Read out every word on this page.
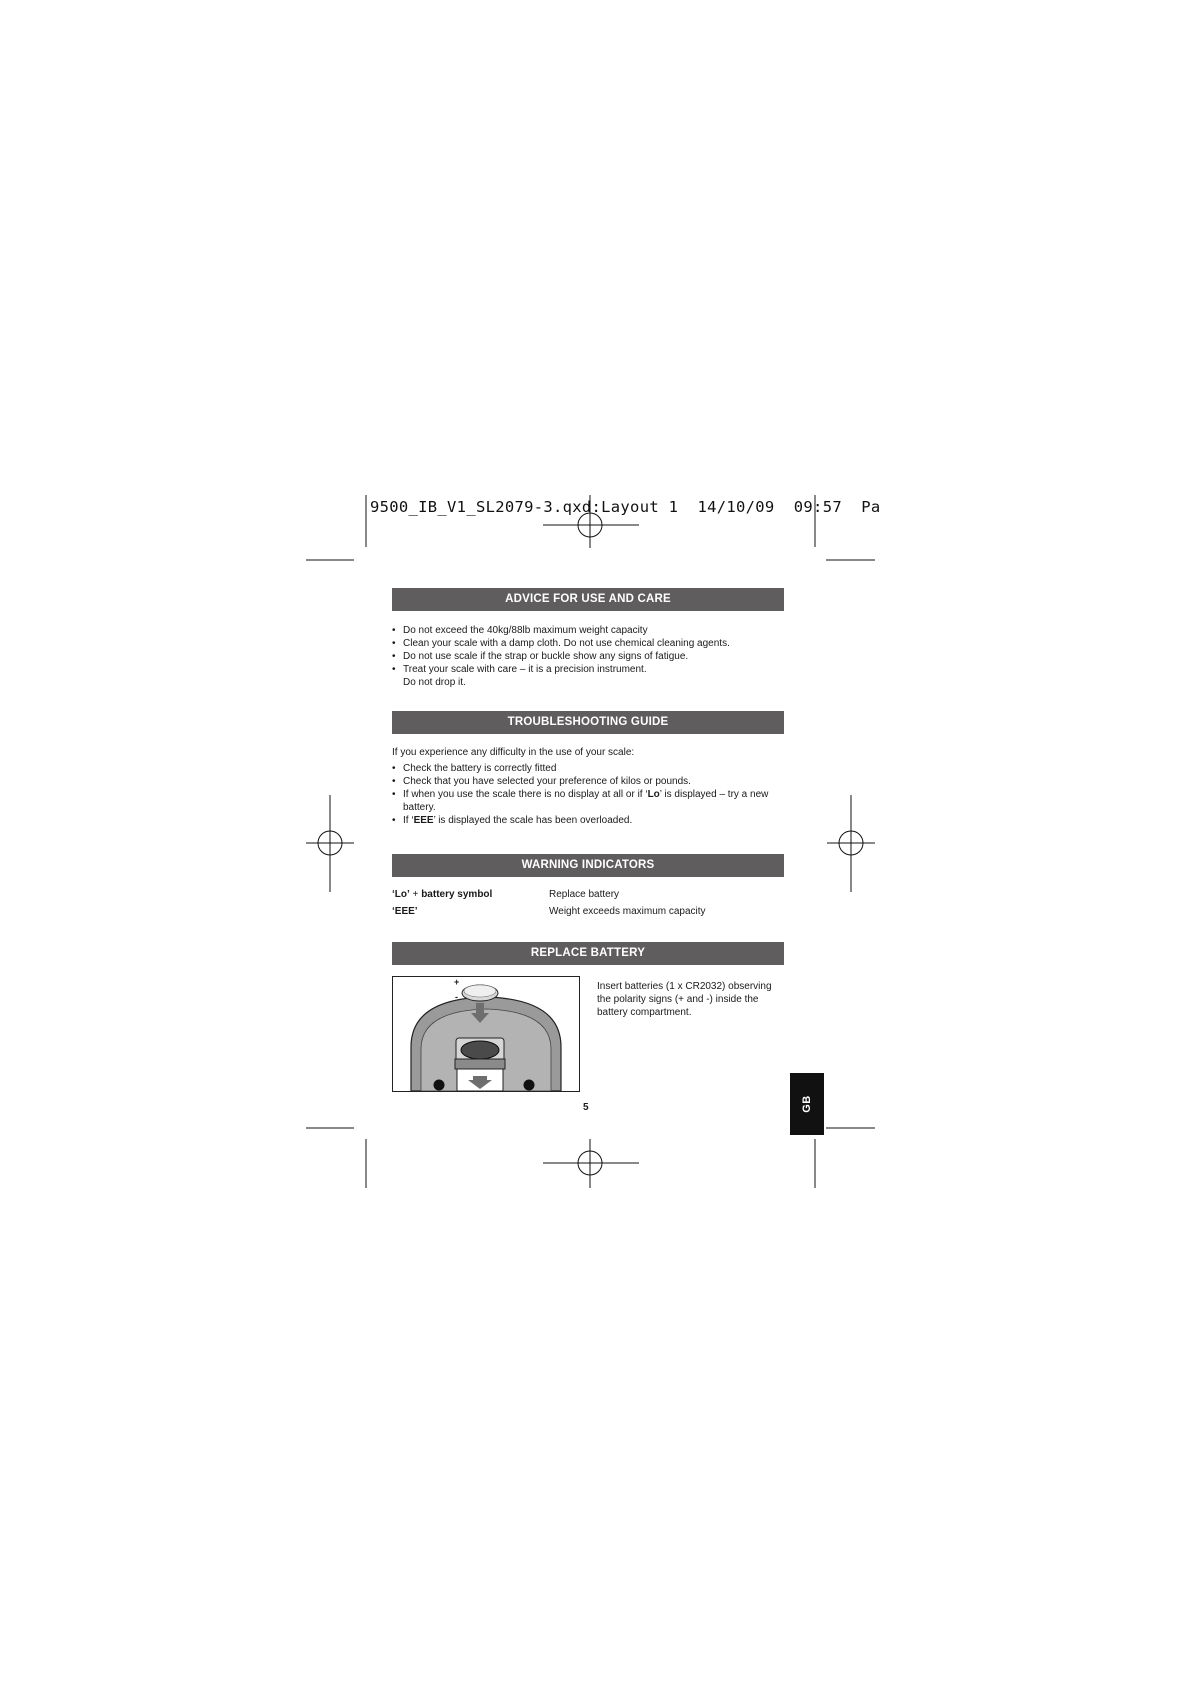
9500_IB_V1_SL2079-3.qxd:Layout 1  14/10/09  09:57  Pa
ADVICE FOR USE AND CARE
• Do not exceed the 40kg/88lb maximum weight capacity
• Clean your scale with a damp cloth. Do not use chemical cleaning agents.
• Do not use scale if the strap or buckle show any signs of fatigue.
• Treat your scale with care – it is a precision instrument.
Do not drop it.
TROUBLESHOOTING GUIDE
If you experience any difficulty in the use of your scale:
• Check the battery is correctly fitted
• Check that you have selected your preference of kilos or pounds.
• If when you use the scale there is no display at all or if ‘Lo’ is displayed – try a new battery.
• If ‘EEE’ is displayed the scale has been overloaded.
WARNING INDICATORS
‘Lo’ + battery symbol	Replace battery
‘EEE’	Weight exceeds maximum capacity
REPLACE BATTERY
+
-
Insert batteries (1 x CR2032) observing the polarity signs (+ and -) inside the battery compartment.
5	GB
